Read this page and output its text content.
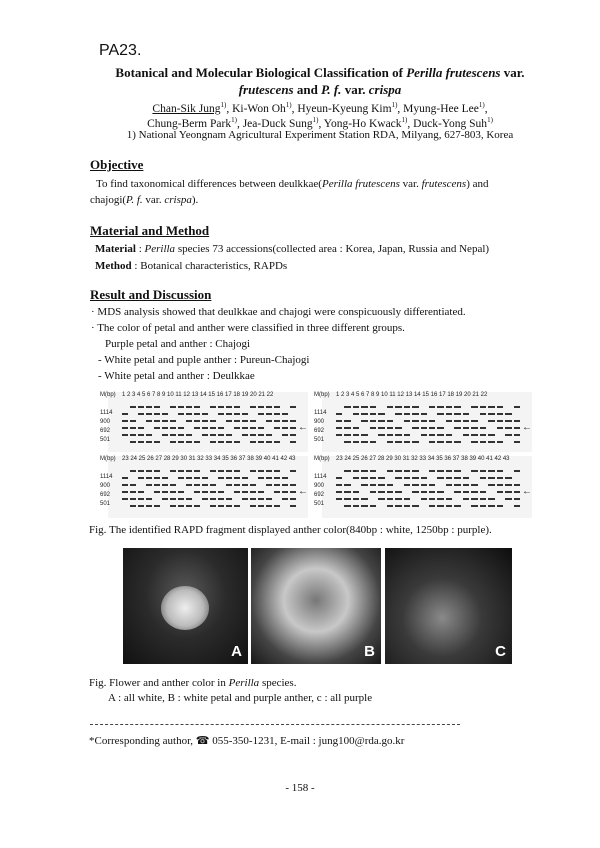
PA23.
Botanical and Molecular Biological Classification of Perilla frutescens var.
frutescens and P. f. var. crispa
Chan-Sik Jung$^{1)}$, Ki-Won Oh$^{1)}$, Hyeun-Kyeung Kim$^{1)}$, Myung-Hee Lee$^{1)}$,
Chung-Berm Park$^{1)}$, Jea-Duck Sung$^{1)}$, Yong-Ho Kwack$^{1)}$, Duck-Yong Suh$^{1)}$
1) National Yeongnam Agricultural Experiment Station RDA, Milyang, 627-803, Korea
Objective
To find taxonomical differences between deulkkae(Perilla frutescens var. frutescens) and
chajogi(P. f. var. crispa).
Material and Method
Material : Perilla species 73 accessions(collected area : Korea, Japan, Russia and Nepal)
Method : Botanical characteristics, RAPDs
Result and Discussion
· MDS analysis showed that deulkkae and chajogi were conspicuously differentiated.
· The color of petal and anther were classified in three different groups.
Purple petal and anther : Chajogi
- White petal and puple anther : Pureun-Chajogi
- White petal and anther : Deulkkae
M(bp) 1 2 3 4 5 6 7 8 9 10 11 12 13 14 15 16 17 18 19 20 21 22
1114
900
692
501
←
M(bp) 1 2 3 4 5 6 7 8 9 10 11 12 13 14 15 16 17 18 19 20 21 22
1114
900
692
501
←
M(bp) 23 24 25 26 27 28 29 30 31 32 33 34 35 36 37 38 39 40 41 42 43
1114
900
692
501
←
M(bp) 23 24 25 26 27 28 29 30 31 32 33 34 35 36 37 38 39 40 41 42 43
1114
900
692
501
←
Fig. The identified RAPD fragment displayed anther color(840bp : white, 1250bp : purple).
A	B	C
Fig. Flower and anther color in Perilla species.
A : all white, B : white petal and purple anther, c : all purple
*Corresponding author, ☎ 055-350-1231, E-mail : jung100@rda.go.kr
- 158 -
